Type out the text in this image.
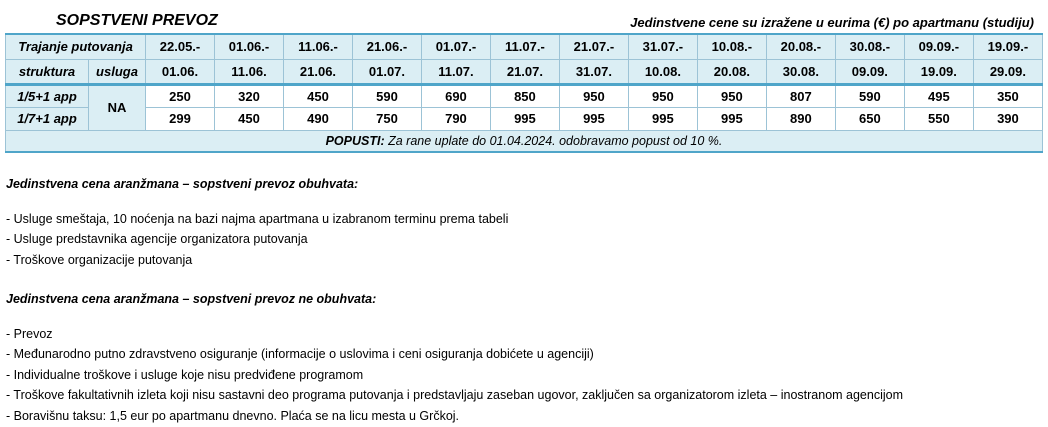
SOPSTVENI PREVOZ	Jedinstvene cene su izražene u eurima (€) po apartmanu (studiju)
Trajanje putovanja		22.05.-	01.06.-	11.06.-	21.06.-	01.07.-	11.07.-	21.07.-	31.07.-	10.08.-	20.08.-	30.08.-	09.09.-	19.09.-
struktura	usluga	01.06.	11.06.	21.06.	01.07.	11.07.	21.07.	31.07.	10.08.	20.08.	30.08.	09.09.	19.09.	29.09.
1/5+1 app	NA	250	320	450	590	690	850	950	950	950	807	590	495	350
1/7+1 app		299	450	490	750	790	995	995	995	995	890	650	550	390
POPUSTI: Za rane uplate do 01.04.2024. odobravamo popust od 10 %.														
Jedinstvena cena aranžmana – sopstveni prevoz obuhvata:
- Usluge smeštaja, 10 noćenja na bazi najma apartmana u izabranom terminu prema tabeli
- Usluge predstavnika agencije organizatora putovanja
- Troškove organizacije putovanja
Jedinstvena cena aranžmana – sopstveni prevoz ne obuhvata:
- Prevoz
- Međunarodno putno zdravstveno osiguranje (informacije o uslovima i ceni osiguranja dobićete u agenciji)
- Individualne troškove i usluge koje nisu predviđene programom
- Troškove fakultativnih izleta koji nisu sastavni deo programa putovanja i predstavljaju zaseban ugovor, zaključen sa organizatorom izleta – inostranom agencijom
- Boravišnu taksu: 1,5 eur po apartmanu dnevno. Plaća se na licu mesta u Grčkoj.
